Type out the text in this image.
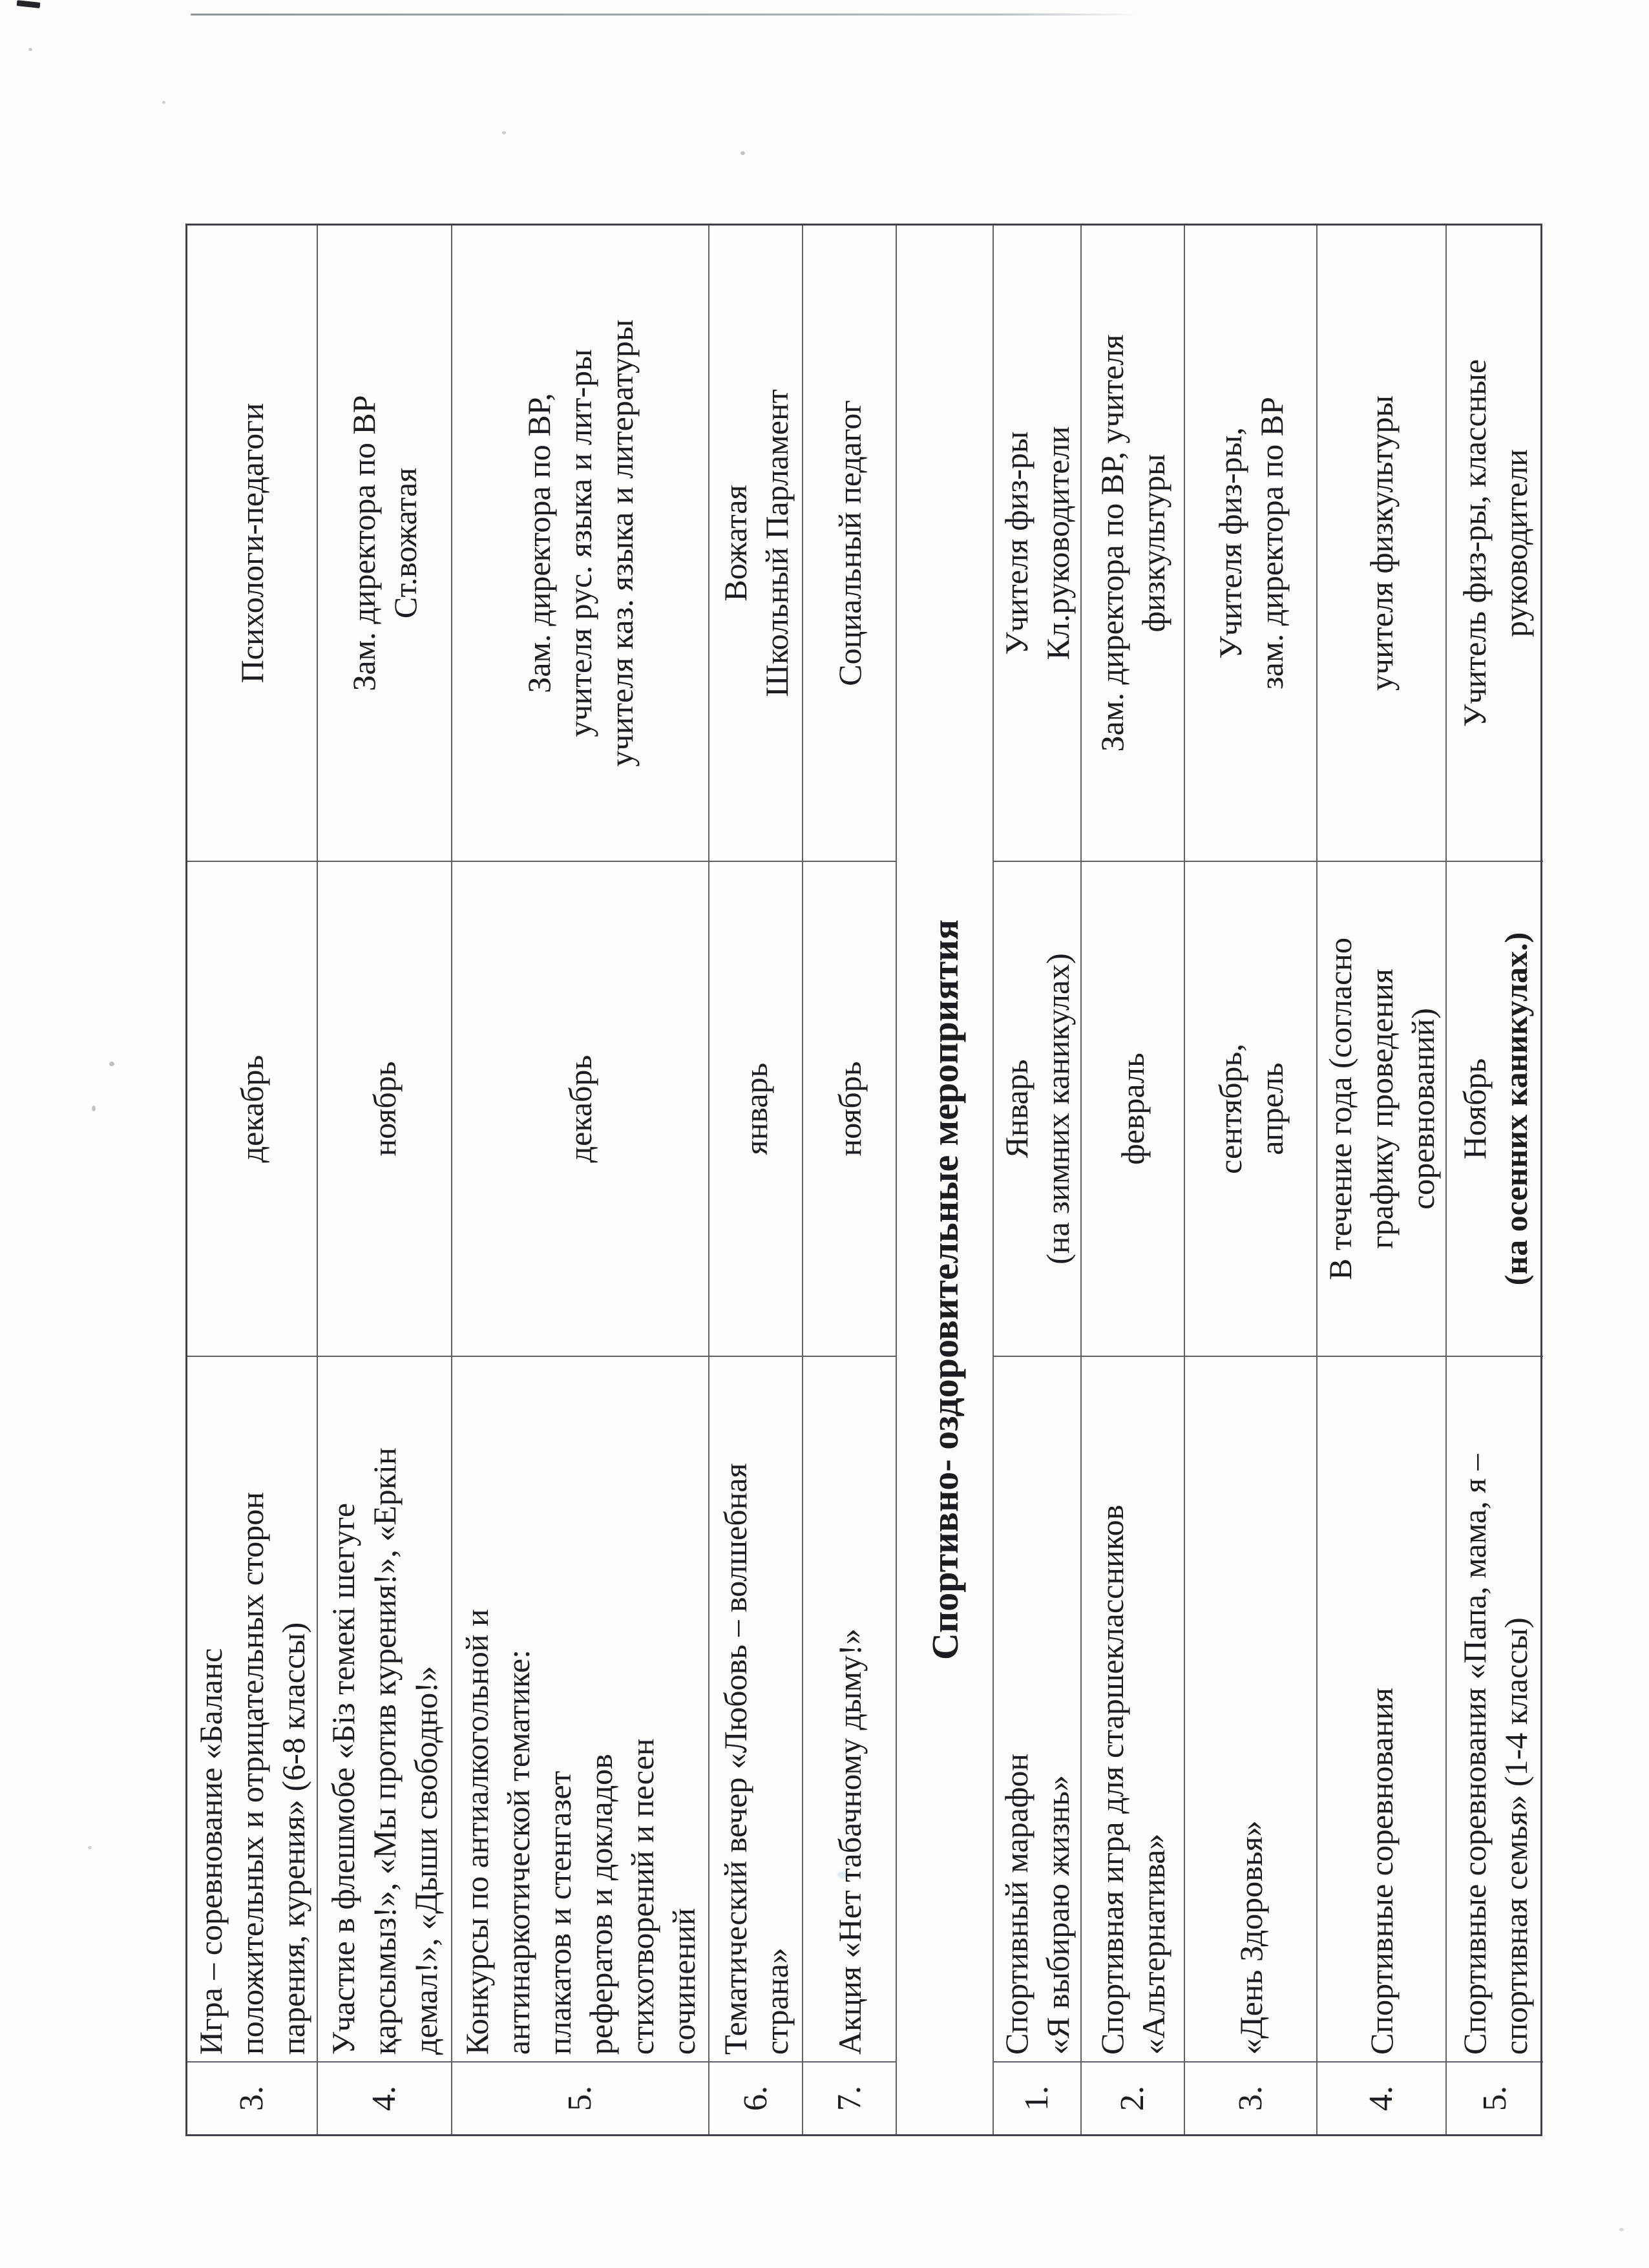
3.
Игра – соревнование «Баланс положительных и отрицательных сторон парения, курения» (6-8 классы)
декабрь
Психологи-педагоги
4.
Участие в флешмобе «Біз темекі шегуге қарсымыз!», «Мы против курения!», «Еркін демал!», «Дыши свободно!»
ноябрь
Зам. директора по ВР Ст.вожатая
5.
Конкурсы по антиалкогольной и антинаркотической тематике: плакатов и стенгазет рефератов и докладов стихотворений и песен сочинений
декабрь
Зам. директора по ВР, учителя рус. языка и лит-ры учителя каз. языка и литературы
6.
Тематический вечер «Любовь – волшебная страна»
январь
Вожатая Школьный Парламент
7.
Акция «Нет табачному дыму!»
ноябрь
Социальный педагог
Спортивно- оздоровительные мероприятия
1.
Спортивный марафон «Я выбираю жизнь»
Январь (на зимних каникулах)
Учителя физ-ры Кл.руководители
2.
Спортивная игра для старшеклассников «Альтернатива»
февраль
Зам. директора по ВР, учителя физкультуры
3.
«День Здоровья»
сентябрь, апрель
Учителя физ-ры, зам. директора по ВР
4.
Спортивные соревнования
В течение года (согласно графику проведения соревнований)
учителя физкультуры
5.
Спортивные соревнования «Папа, мама, я – спортивная семья» (1-4 классы)
Ноябрь (на осенних каникулах.)
Учитель физ-ры, классные руководители
